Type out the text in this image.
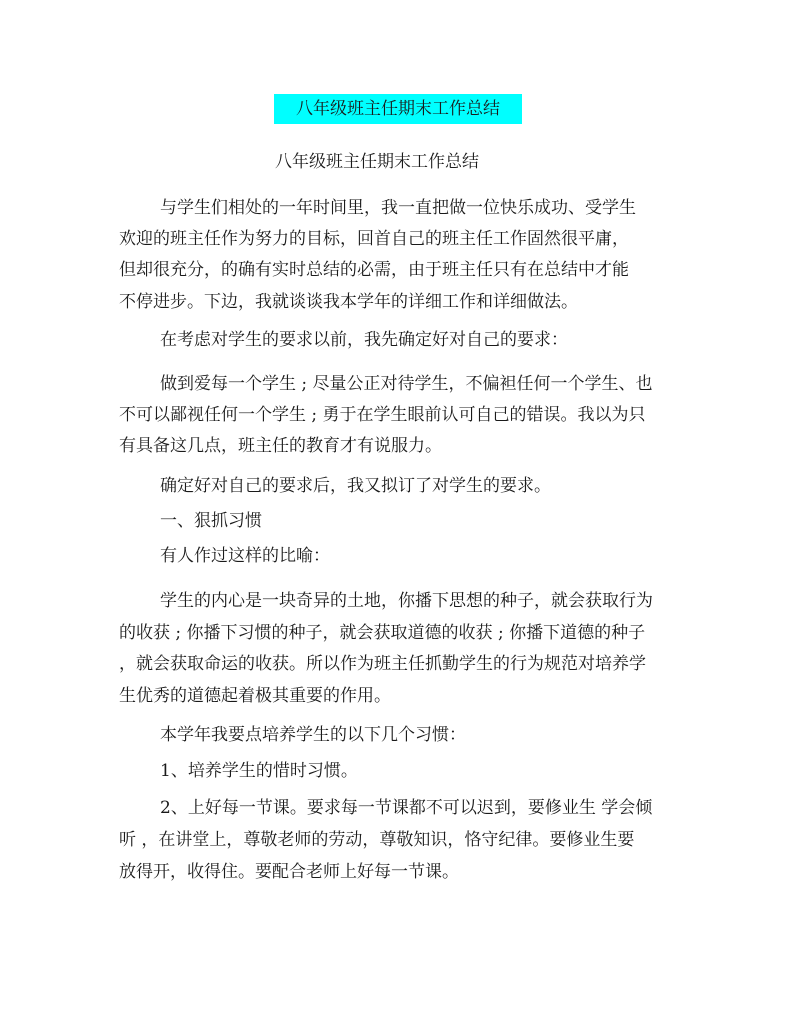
八年级班主任期末工作总结

八年级班主任期末工作总结

与学生们相处的一年时间里，我一直把做一位快乐成功、受学生

欢迎的班主任作为努力的目标，回首自己的班主任工作固然很平庸，

但却很充分，的确有实时总结的必需，由于班主任只有在总结中才能

不停进步。下边，我就谈谈我本学年的详细工作和详细做法。

在考虑对学生的要求以前，我先确定好对自己的要求：

做到爱每一个学生 ; 尽量公正对待学生，不偏袒任何一个学生、也

不可以鄙视任何一个学生 ; 勇于在学生眼前认可自己的错误。我以为只

有具备这几点，班主任的教育才有说服力。

确定好对自己的要求后，我又拟订了对学生的要求。

一、狠抓习惯

有人作过这样的比喻：

学生的内心是一块奇异的土地，你播下思想的种子，就会获取行为

的收获 ; 你播下习惯的种子，就会获取道德的收获 ; 你播下道德的种子

，就会获取命运的收获。所以作为班主任抓勤学生的行为规范对培养学

生优秀的道德起着极其重要的作用。

本学年我要点培养学生的以下几个习惯：

1、培养学生的惜时习惯。

2、上好每一节课。要求每一节课都不可以迟到，要修业生 学会倾

听 ，在讲堂上，尊敬老师的劳动，尊敬知识，恪守纪律。要修业生要

放得开，收得住。要配合老师上好每一节课。
